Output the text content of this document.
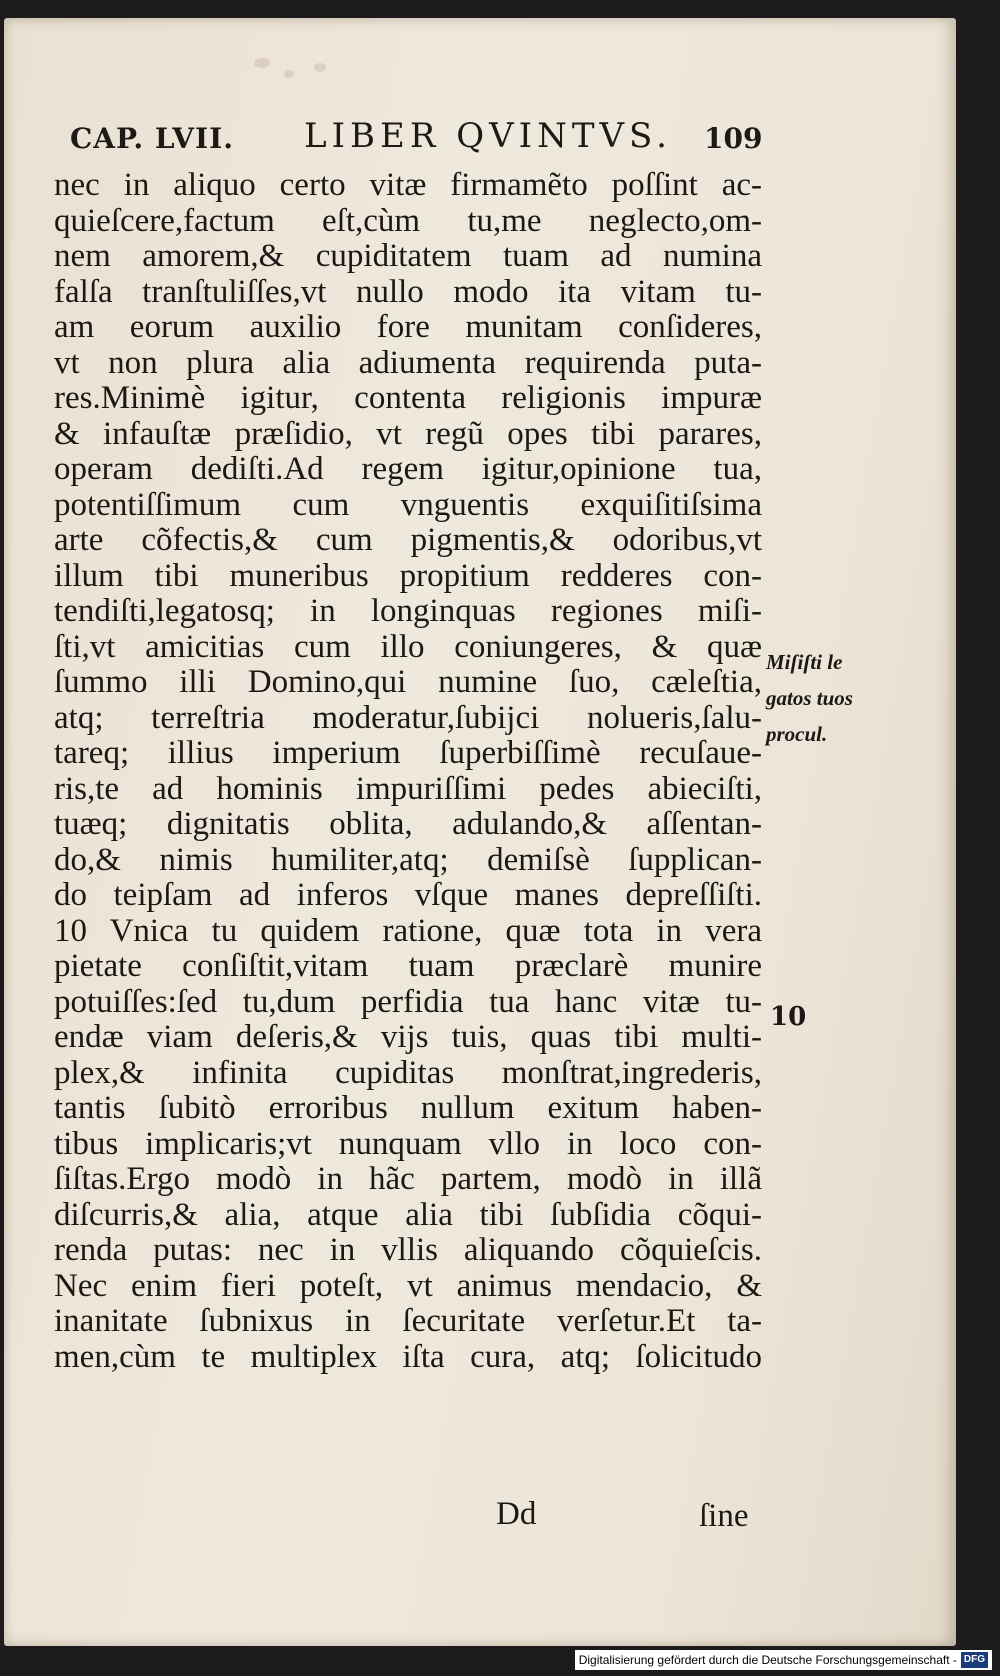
CAP. LVII. LIBER QVINTVS. 109
nec in aliquo certo vitæ firmamẽto poſſint ac-
quieſcere,factum eſt,cùm tu,me neglecto,om-
nem amorem,& cupiditatem tuam ad numina
falſa tranſtuliſſes,vt nullo modo ita vitam tu-
am eorum auxilio fore munitam conſideres,
vt non plura alia adiumenta requirenda puta-
res.Minimè igitur, contenta religionis impuræ
& infauſtæ præſidio, vt regũ opes tibi parares,
operam dediſti.Ad regem igitur,opinione tua,
potentiſſimum cum vnguentis exquiſitiſsima
arte cõfectis,& cum pigmentis,& odoribus,vt
illum tibi muneribus propitium redderes con-
tendiſti,legatosq; in longinquas regiones miſi-
ſti,vt amicitias cum illo coniungeres, & quæ
ſummo illi Domino,qui numine ſuo, cæleſtia,
atq; terreſtria moderatur,ſubijci nolueris,ſalu-
tareq; illius imperium ſuperbiſſimè recuſaue-
ris,te ad hominis impuriſſimi pedes abieciſti,
tuæq; dignitatis oblita, adulando,& aſſentan-
do,& nimis humiliter,atq; demiſsè ſupplican-
do teipſam ad inferos vſque manes depreſſiſti.
10 Vnica tu quidem ratione, quæ tota in vera
pietate conſiſtit,vitam tuam præclarè munire
potuiſſes:ſed tu,dum perfidia tua hanc vitæ tu-
endæ viam deſeris,& vijs tuis, quas tibi multi-
plex,& infinita cupiditas monſtrat,ingrederis,
tantis ſubitò erroribus nullum exitum haben-
tibus implicaris;vt nunquam vllo in loco con-
ſiſtas.Ergo modò in hãc partem, modò in illã
diſcurris,& alia, atque alia tibi ſubſidia cõqui-
renda putas: nec in vllis aliquando cõquieſcis.
Nec enim fieri poteſt, vt animus mendacio, &
inanitate ſubnixus in ſecuritate verſetur.Et ta-
men,cùm te multiplex iſta cura, atq; ſolicitudo
Miſiſti le
gatos tuos
procul.
10
Dd	ſine
Digitalisierung gefördert durch die Deutsche Forschungsgemeinschaft - DFG
